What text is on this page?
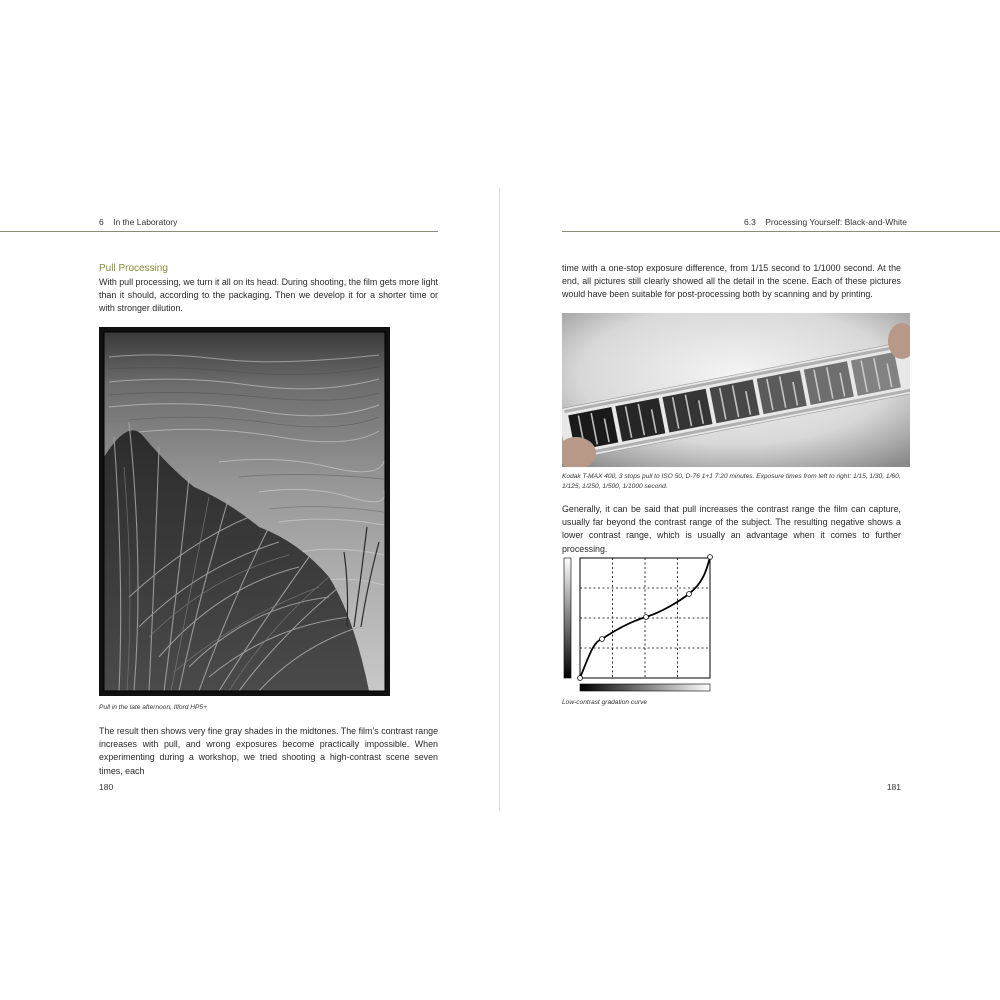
6 In the Laboratory
Pull Processing
With pull processing, we turn it all on its head. During shooting, the film gets more light than it should, according to the packaging. Then we develop it for a shorter time or with stronger dilution.
Pull in the late afternoon, Ilford HP5+
The result then shows very fine gray shades in the midtones. The film’s contrast range increases with pull, and wrong exposures become practically impossible. When experimenting during a workshop, we tried shooting a high-contrast scene seven times, each
180
6.3 Processing Yourself: Black-and-White
time with a one-stop exposure difference, from 1/15 second to 1/1000 second. At the end, all pictures still clearly showed all the detail in the scene. Each of these pictures would have been suitable for post-processing both by scanning and by printing.
Kodak T-MAX 400, 3 stops pull to ISO 50, D-76 1+1 7:20 minutes. Exposure times from left to right: 1/15, 1/30, 1/60, 1/125, 1/250, 1/500, 1/1000 second.
Generally, it can be said that pull increases the contrast range the film can capture, usually far beyond the contrast range of the subject. The resulting negative shows a lower contrast range, which is usually an advantage when it comes to further processing.
Low-contrast gradation curve
181
